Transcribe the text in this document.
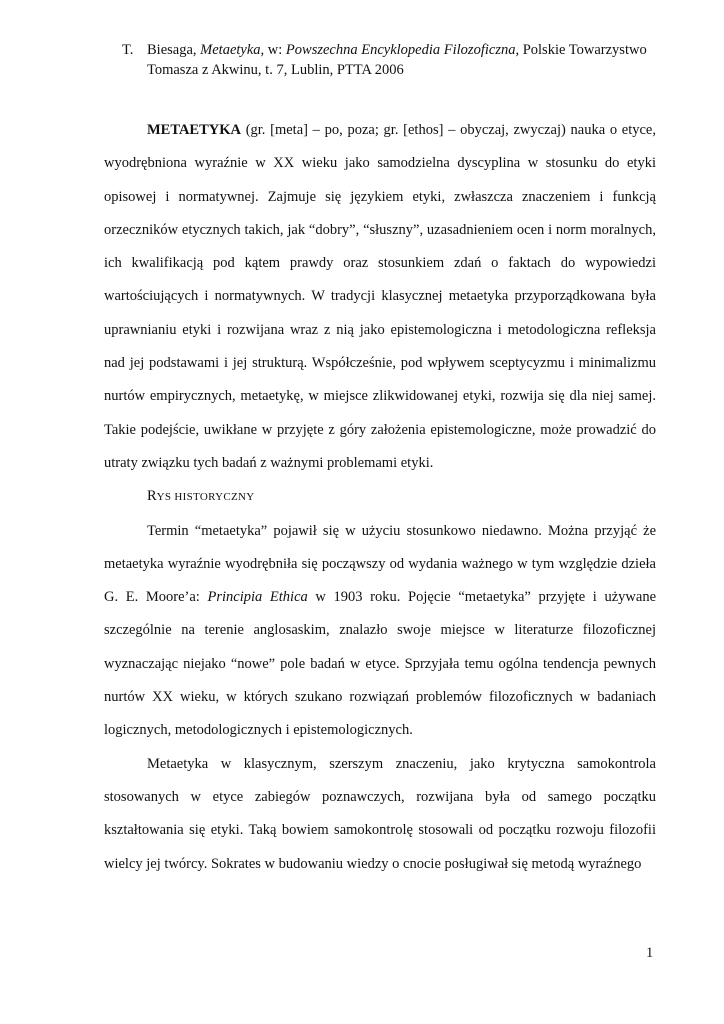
T. Biesaga, Metaetyka, w: Powszechna Encyklopedia Filozoficzna, Polskie Towarzystwo Tomasza z Akwinu, t. 7, Lublin, PTTA 2006

METAETYKA (gr. [meta] – po, poza; gr. [ethos] – obyczaj, zwyczaj) nauka o etyce, wyodrębniona wyraźnie w XX wieku jako samodzielna dyscyplina w stosunku do etyki opisowej i normatywnej. Zajmuje się językiem etyki, zwłaszcza znaczeniem i funkcją orzeczników etycznych takich, jak “dobry”, “słuszny”, uzasadnieniem ocen i norm moralnych, ich kwalifikacją pod kątem prawdy oraz stosunkiem zdań o faktach do wypowiedzi wartościujących i normatywnych. W tradycji klasycznej metaetyka przyporządkowana była uprawnianiu etyki i rozwijana wraz z nią jako epistemologiczna i metodologiczna refleksja nad jej podstawami i jej strukturą. Współcześnie, pod wpływem sceptycyzmu i minimalizmu nurtów empirycznych, metaetykę, w miejsce zlikwidowanej etyki, rozwija się dla niej samej. Takie podejście, uwikłane w przyjęte z góry założenia epistemologiczne, może prowadzić do utraty związku tych badań z ważnymi problemami etyki.

RYS HISTORYCZNY

Termin “metaetyka” pojawił się w użyciu stosunkowo niedawno. Można przyjąć że metaetyka wyraźnie wyodrębniła się począwszy od wydania ważnego w tym względzie dzieła G. E. Moore’a: Principia Ethica w 1903 roku. Pojęcie “metaetyka” przyjęte i używane szczególnie na terenie anglosaskim, znalazło swoje miejsce w literaturze filozoficznej wyznaczając niejako “nowe” pole badań w etyce. Sprzyjała temu ogólna tendencja pewnych nurtów XX wieku, w których szukano rozwiązań problemów filozoficznych w badaniach logicznych, metodologicznych i epistemologicznych.

Metaetyka w klasycznym, szerszym znaczeniu, jako krytyczna samokontrola stosowanych w etyce zabiegów poznawczych, rozwijana była od samego początku kształtowania się etyki. Taką bowiem samokontrolę stosowali od początku rozwoju filozofii wielcy jej twórcy. Sokrates w budowaniu wiedzy o cnocie posługiwał się metodą wyraźnego

1
